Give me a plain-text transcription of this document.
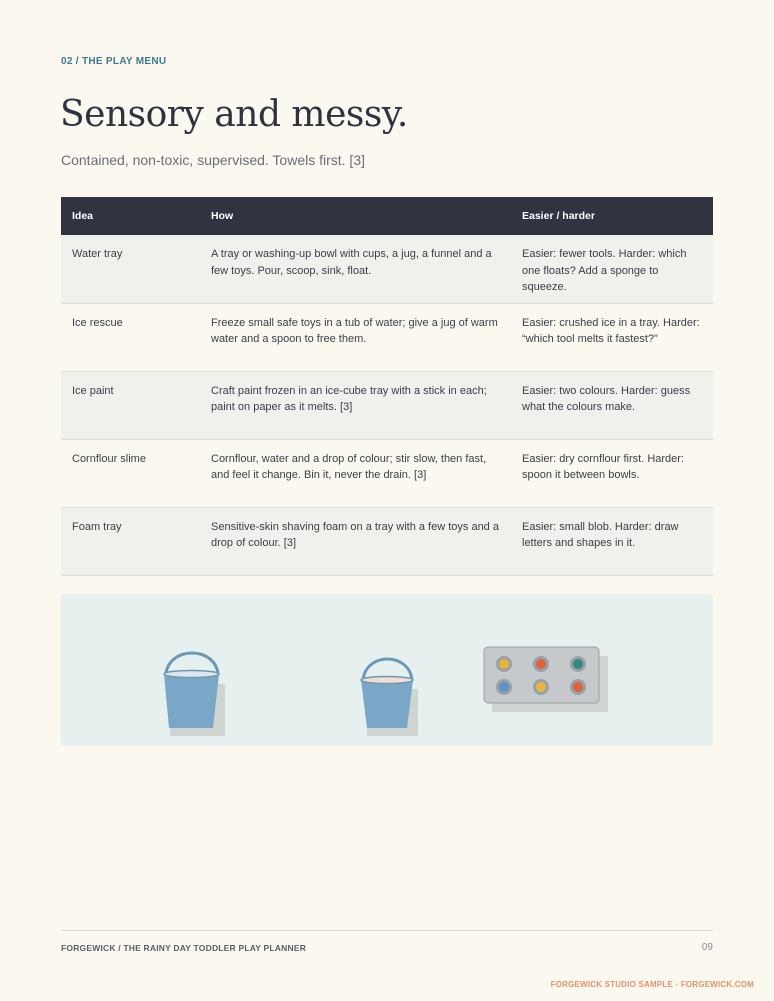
02 / THE PLAY MENU
Sensory and messy.

Contained, non-toxic, supervised. Towels first. [3]

Idea	How	Easier / harder
Water tray	A tray or washing-up bowl with cups, a jug, a funnel and a few toys. Pour, scoop, sink, float.	Easier: fewer tools. Harder: which one floats? Add a sponge to squeeze.
Ice rescue	Freeze small safe toys in a tub of water; give a jug of warm water and a spoon to free them.	Easier: crushed ice in a tray. Harder: “which tool melts it fastest?”
Ice paint	Craft paint frozen in an ice-cube tray with a stick in each; paint on paper as it melts. [3]	Easier: two colours. Harder: guess what the colours make.
Cornflour slime	Cornflour, water and a drop of colour; stir slow, then fast, and feel it change. Bin it, never the drain. [3]	Easier: dry cornflour first. Harder: spoon it between bowls.
Foam tray	Sensitive-skin shaving foam on a tray with a few toys and a drop of colour. [3]	Easier: small blob. Harder: draw letters and shapes in it.
FORGEWICK / THE RAINY DAY TODDLER PLAY PLANNER	09
FORGEWICK STUDIO SAMPLE · FORGEWICK.COM
